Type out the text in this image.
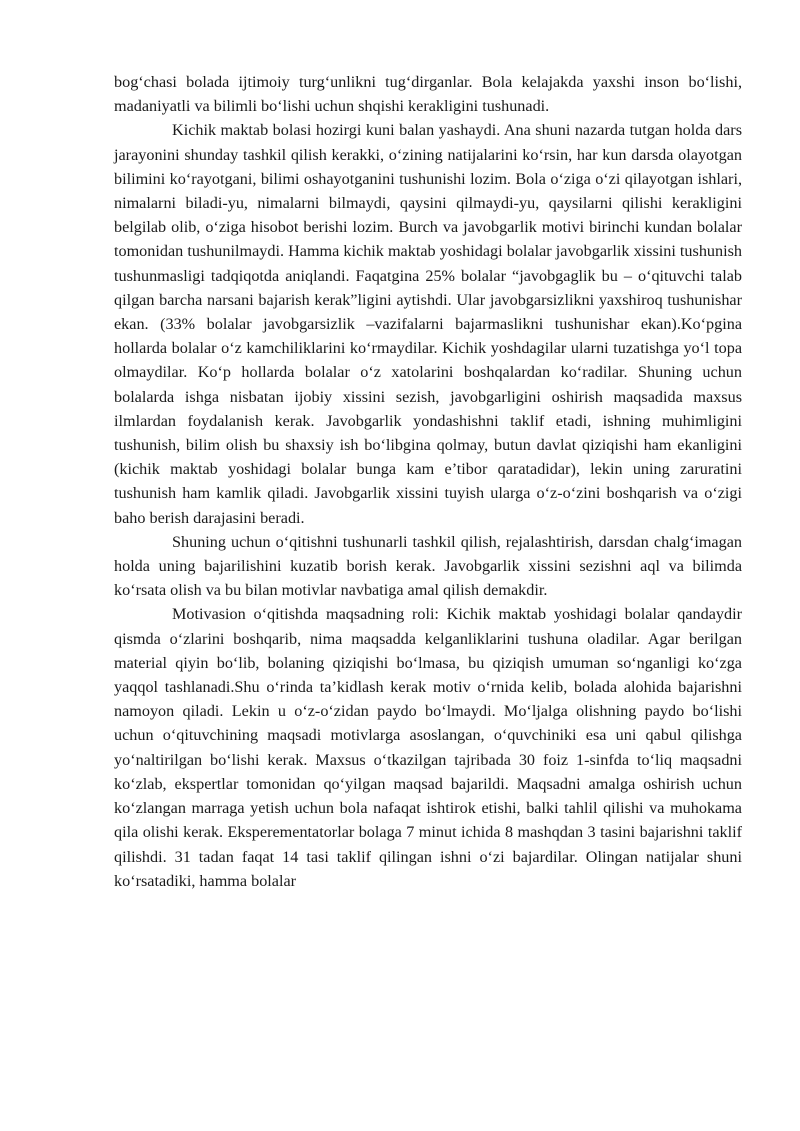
bog‘chasi bolada ijtimoiy turg‘unlikni tug‘dirganlar. Bola kelajakda yaxshi inson bo‘lishi, madaniyatli va bilimli bo‘lishi uchun shqishi kerakligini tushunadi.

Kichik maktab bolasi hozirgi kuni balan yashaydi. Ana shuni nazarda tutgan holda dars jarayonini shunday tashkil qilish kerakki, o‘zining natijalarini ko‘rsin, har kun darsda olayotgan bilimini ko‘rayotgani, bilimi oshayotganini tushunishi lozim. Bola o‘ziga o‘zi qilayotgan ishlari, nimalarni biladi-yu, nimalarni bilmaydi, qaysini qilmaydi-yu, qaysilarni qilishi kerakligini belgilab olib, o‘ziga hisobot berishi lozim. Burch va javobgarlik motivi birinchi kundan bolalar tomonidan tushunilmaydi. Hamma kichik maktab yoshidagi bolalar javobgarlik xissini tushunish tushunmasligi tadqiqotda aniqlandi. Faqatgina 25% bolalar “javobgaglik bu – o‘qituvchi talab qilgan barcha narsani bajarish kerak”ligini aytishdi. Ular javobgarsizlikni yaxshiroq tushunishar ekan. (33% bolalar javobgarsizlik –vazifalarni bajarmaslikni tushunishar ekan).Ko‘pgina hollarda bolalar o‘z kamchiliklarini ko‘rmaydilar. Kichik yoshdagilar ularni tuzatishga yo‘l topa olmaydilar. Ko‘p hollarda bolalar o‘z xatolarini boshqalardan ko‘radilar. Shuning uchun bolalarda ishga nisbatan ijobiy xissini sezish, javobgarligini oshirish maqsadida maxsus ilmlardan foydalanish kerak. Javobgarlik yondashishni taklif etadi, ishning muhimligini tushunish, bilim olish bu shaxsiy ish bo‘libgina qolmay, butun davlat qiziqishi ham ekanligini (kichik maktab yoshidagi bolalar bunga kam e’tibor qaratadidar), lekin uning zaruratini tushunish ham kamlik qiladi. Javobgarlik xissini tuyish ularga o‘z-o‘zini boshqarish va o‘zigi baho berish darajasini beradi.

Shuning uchun o‘qitishni tushunarli tashkil qilish, rejalashtirish, darsdan chalg‘imagan holda uning bajarilishini kuzatib borish kerak. Javobgarlik xissini sezishni aql va bilimda ko‘rsata olish va bu bilan motivlar navbatiga amal qilish demakdir.

Motivasion o‘qitishda maqsadning roli: Kichik maktab yoshidagi bolalar qandaydir qismda o‘zlarini boshqarib, nima maqsadda kelganliklarini tushuna oladilar. Agar berilgan material qiyin bo‘lib, bolaning qiziqishi bo‘lmasa, bu qiziqish umuman so‘nganligi ko‘zga yaqqol tashlanadi.Shu o‘rinda ta’kidlash kerak motiv o‘rnida kelib, bolada alohida bajarishni namoyon qiladi. Lekin u o‘z-o‘zidan paydo bo‘lmaydi. Mo‘ljalga olishning paydo bo‘lishi uchun o‘qituvchining maqsadi motivlarga asoslangan, o‘quvchiniki esa uni qabul qilishga yo‘naltirilgan bo‘lishi kerak. Maxsus o‘tkazilgan tajribada 30 foiz 1-sinfda to‘liq maqsadni ko‘zlab, ekspertlar tomonidan qo‘yilgan maqsad bajarildi. Maqsadni amalga oshirish uchun ko‘zlangan marraga yetish uchun bola nafaqat ishtirok etishi, balki tahlil qilishi va muhokama qila olishi kerak. Eksperementatorlar bolaga 7 minut ichida 8 mashqdan 3 tasini bajarishni taklif qilishdi. 31 tadan faqat 14 tasi taklif qilingan ishni o‘zi bajardilar. Olingan natijalar shuni ko‘rsatadiki, hamma bolalar
